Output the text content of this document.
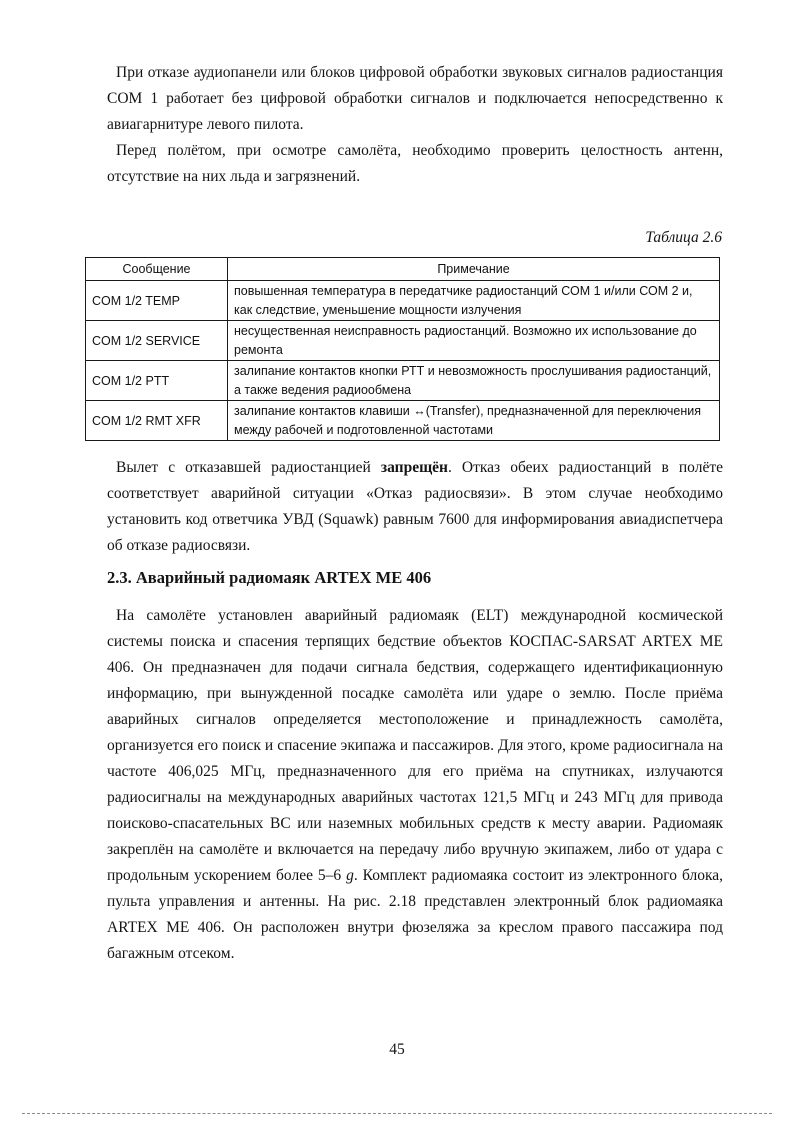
При отказе аудиопанели или блоков цифровой обработки звуковых сигналов радиостанция СОМ 1 работает без цифровой обработки сигналов и подключается непосредственно к авиагарнитуре левого пилота.

Перед полётом, при осмотре самолёта, необходимо проверить целостность антенн, отсутствие на них льда и загрязнений.

Таблица 2.6

Сообщение	Примечание
COM 1/2 TEMP	повышенная температура в передатчике радиостанций СОМ 1 и/или СОМ 2 и, как следствие, уменьшение мощности излучения
COM 1/2 SERVICE	несущественная неисправность радиостанций. Возможно их использование до ремонта
COM 1/2 PTT	залипание контактов кнопки РТТ и невозможность прослушивания радиостанций, а также ведения радиообмена
COM 1/2 RMT XFR	залипание контактов клавиши ↔(Transfer), предназначенной для переключения между рабочей и подготовленной частотами

Вылет с отказавшей радиостанцией запрещён. Отказ обеих радиостанций в полёте соответствует аварийной ситуации «Отказ радиосвязи». В этом случае необходимо установить код ответчика УВД (Squawk) равным 7600 для информирования авиадиспетчера об отказе радиосвязи.

2.3. Аварийный радиомаяк ARTEX ME 406

На самолёте установлен аварийный радиомаяк (ELT) международной космической системы поиска и спасения терпящих бедствие объектов КОСПАС-SARSAT ARTEX ME 406. Он предназначен для подачи сигнала бедствия, содержащего идентификационную информацию, при вынужденной посадке самолёта или ударе о землю. После приёма аварийных сигналов определяется местоположение и принадлежность самолёта, организуется его поиск и спасение экипажа и пассажиров. Для этого, кроме радиосигнала на частоте 406,025 МГц, предназначенного для его приёма на спутниках, излучаются радиосигналы на международных аварийных частотах 121,5 МГц и 243 МГц для привода поисково-спасательных ВС или наземных мобильных средств к месту аварии. Радиомаяк закреплён на самолёте и включается на передачу либо вручную экипажем, либо от удара с продольным ускорением более 5–6 g. Комплект радиомаяка состоит из электронного блока, пульта управления и антенны. На рис. 2.18 представлен электронный блок радиомаяка ARTEX ME 406. Он расположен внутри фюзеляжа за креслом правого пассажира под багажным отсеком.

45
